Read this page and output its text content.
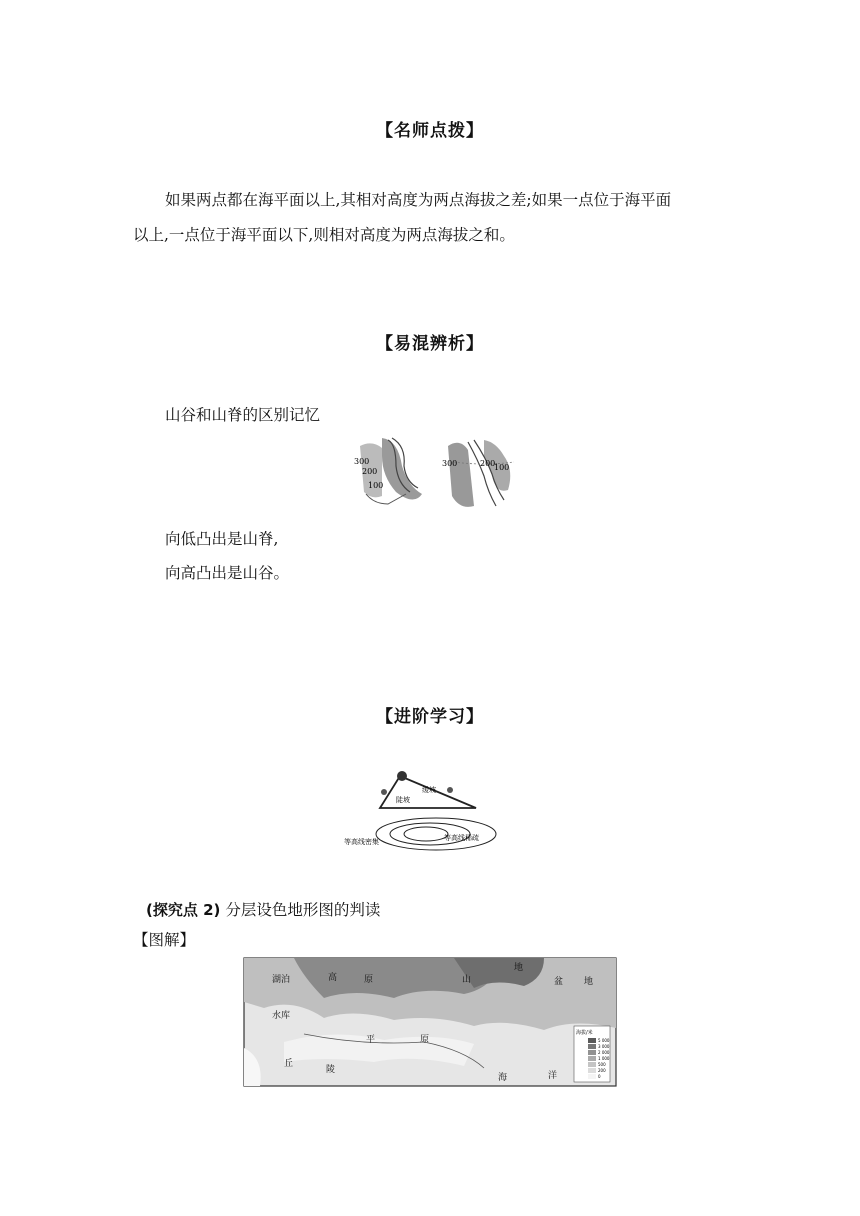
【名师点拨】
如果两点都在海平面以上,其相对高度为两点海拔之差;如果一点位于海平面
以上,一点位于海平面以下,则相对高度为两点海拔之和。
【易混辨析】
山谷和山脊的区别记忆
300
200
100
300	200
100
向低凸出是山脊,
向高凸出是山谷。
【进阶学习】
缓坡
陡坡
等高线密集	等高线稀疏
(探究点 2) 分层设色地形图的判读
【图解】
海拔/米
5 000
3 000
2 000
1 000
500
200
0
湖泊	高	原	山
地
盆 地
水库
平	原
丘
陵
海	洋
